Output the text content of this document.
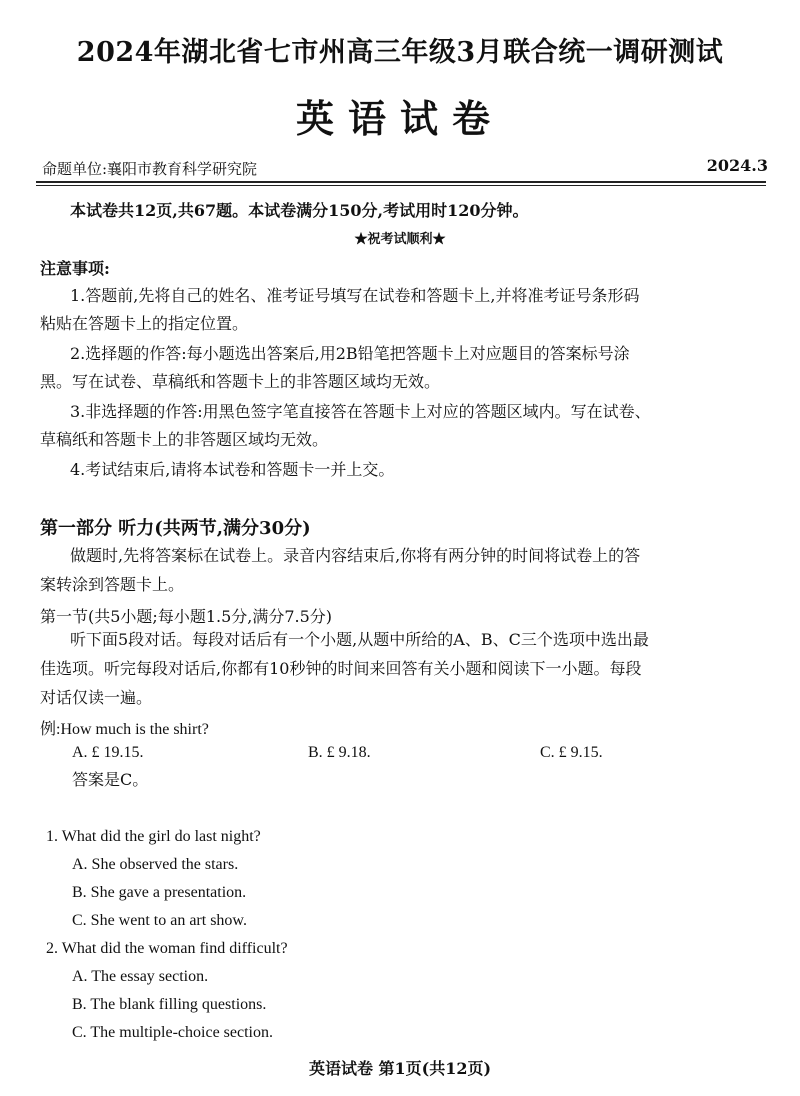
2024年湖北省七市州高三年级3月联合统一调研测试
英语试卷
命题单位:襄阳市教育科学研究院	2024.3
本试卷共12页,共67题。本试卷满分150分,考试用时120分钟。
★祝考试顺利★
注意事项:
1.答题前,先将自己的姓名、准考证号填写在试卷和答题卡上,并将准考证号条形码
粘贴在答题卡上的指定位置。
2.选择题的作答:每小题选出答案后,用2B铅笔把答题卡上对应题目的答案标号涂
黑。写在试卷、草稿纸和答题卡上的非答题区域均无效。
3.非选择题的作答:用黑色签字笔直接答在答题卡上对应的答题区域内。写在试卷、
草稿纸和答题卡上的非答题区域均无效。
4.考试结束后,请将本试卷和答题卡一并上交。
第一部分 听力(共两节,满分30分)
做题时,先将答案标在试卷上。录音内容结束后,你将有两分钟的时间将试卷上的答
案转涂到答题卡上。
第一节(共5小题;每小题1.5分,满分7.5分)
听下面5段对话。每段对话后有一个小题,从题中所给的A、B、C三个选项中选出最
佳选项。听完每段对话后,你都有10秒钟的时间来回答有关小题和阅读下一小题。每段
对话仅读一遍。
例:How much is the shirt?
A. £ 19.15.	B. £ 9.18.	C. £ 9.15.
答案是C。
1. What did the girl do last night?
A. She observed the stars.
B. She gave a presentation.
C. She went to an art show.
2. What did the woman find difficult?
A. The essay section.
B. The blank filling questions.
C. The multiple-choice section.
英语试卷 第1页(共12页)
